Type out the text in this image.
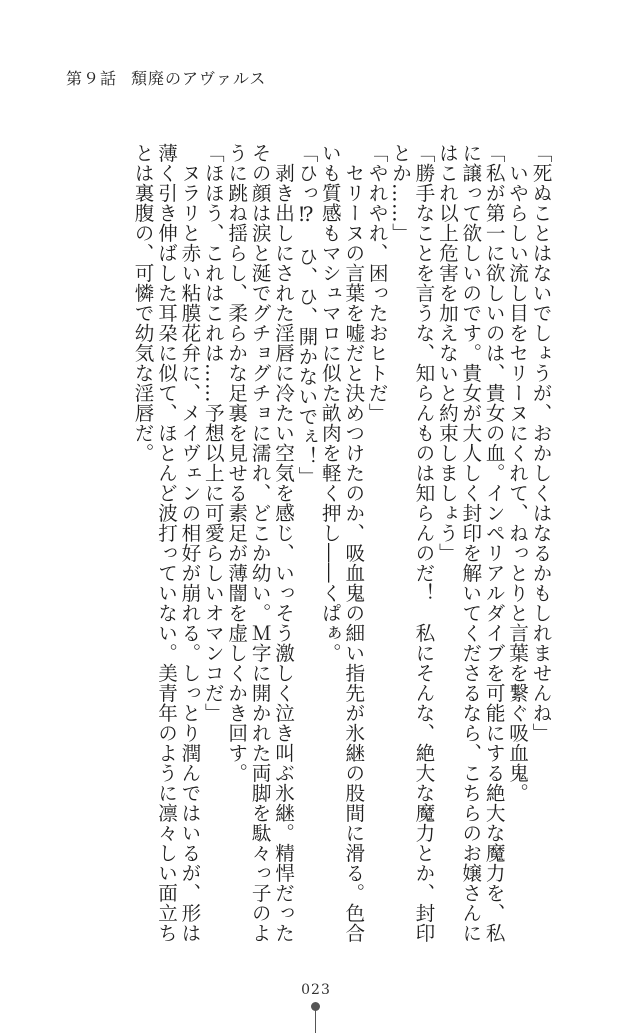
第９話 頽廃のアヴァルス

「死ぬことはないでしょうが、おかしくはなるかもしれませんね」

　いやらしい流し目をセリーヌにくれて、ねっとりと言葉を繋ぐ吸血鬼。

「私が第一に欲しいのは、貴女の血。インペリアルダイブを可能にする絶大な魔力を、私

に譲って欲しいのです。貴女が大人しく封印を解いてくださるなら、こちらのお嬢さんに

はこれ以上危害を加えないと約束しましょう」

「勝手なことを言うな、知らんものは知らんのだ！　私にそんな、絶大な魔力とか、封印

とか……」

「やれやれ、困ったおヒトだ」

　セリーヌの言葉を嘘だと決めつけたのか、吸血鬼の細い指先が氷継の股間に滑る。色合

いも質感もマシュマロに似た畝肉を軽く押し――くぱぁ。

「ひっ⁉　ひ、ひ、開かないでぇ！」

　剥き出しにされた淫唇に冷たい空気を感じ、いっそう激しく泣き叫ぶ氷継。精悍だった

その顔は涙と涎でグチョグチョに濡れ、どこか幼い。Ｍ字に開かれた両脚を駄々っ子のよ

うに跳ね揺らし、柔らかな足裏を見せる素足が薄闇を虚しくかき回す。

「ほほう、これはこれは……予想以上に可愛らしいオマンコだ」

　ヌラリと赤い粘膜花弁に、メイヴェンの相好が崩れる。しっとり潤んではいるが、形は

薄く引き伸ばした耳朶に似て、ほとんど波打っていない。美青年のように凛々しい面立ち

とは裏腹の、可憐で幼気な淫唇だ。

023
